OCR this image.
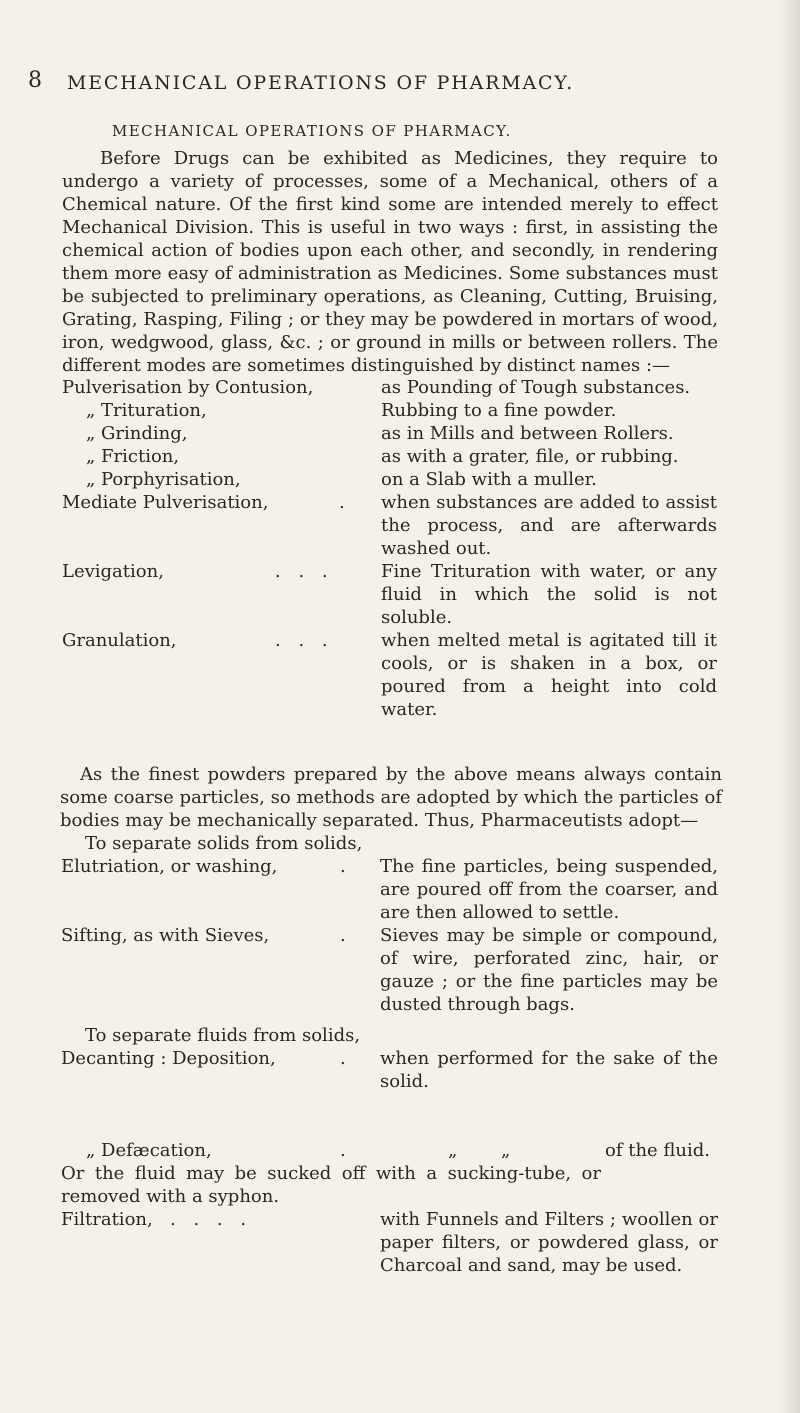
8 MECHANICAL OPERATIONS OF PHARMACY.
MECHANICAL OPERATIONS OF PHARMACY.
Before Drugs can be exhibited as Medicines, they require to undergo a variety of processes, some of a Mechanical, others of a Chemical nature. Of the first kind some are intended merely to effect Mechanical Division. This is useful in two ways : first, in assisting the chemical action of bodies upon each other, and secondly, in rendering them more easy of administration as Medicines. Some substances must be subjected to preliminary operations, as Cleaning, Cutting, Bruising, Grating, Rasping, Filing ; or they may be powdered in mortars of wood, iron, wedgwood, glass, &c. ; or ground in mills or between rollers. The different modes are sometimes distinguished by distinct names :—
Pulverisation by Contusion,	as Pounding of Tough substances.
„ Trituration,	Rubbing to a fine powder.
„ Grinding,	as in Mills and between Rollers.
„ Friction,	as with a grater, file, or rubbing.
„ Porphyrisation,	on a Slab with a muller.
Mediate Pulverisation,	. when substances are added to assist the process, and are afterwards washed out.
Levigation,	. . .	Fine Trituration with water, or any fluid in which the solid is not soluble.
Granulation,	. . .	when melted metal is agitated till it cools, or is shaken in a box, or poured from a height into cold water.
As the finest powders prepared by the above means always contain some coarse particles, so methods are adopted by which the particles of bodies may be mechanically separated. Thus, Pharmaceutists adopt—
To separate solids from solids,
Elutriation, or washing,	. The fine particles, being suspended, are poured off from the coarser, and are then allowed to settle.
Sifting, as with Sieves,	. Sieves may be simple or compound, of wire, perforated zinc, hair, or gauze ; or the fine particles may be dusted through bags.
To separate fluids from solids,
Decanting : Deposition,	. when performed for the sake of the solid.
„ Defæcation,	.	„ „	of the fluid.
Or the fluid may be sucked off with a sucking-tube, or removed with a syphon.
Filtration, . . . .	with Funnels and Filters ; woollen or paper filters, or powdered glass, or Charcoal and sand, may be used.
